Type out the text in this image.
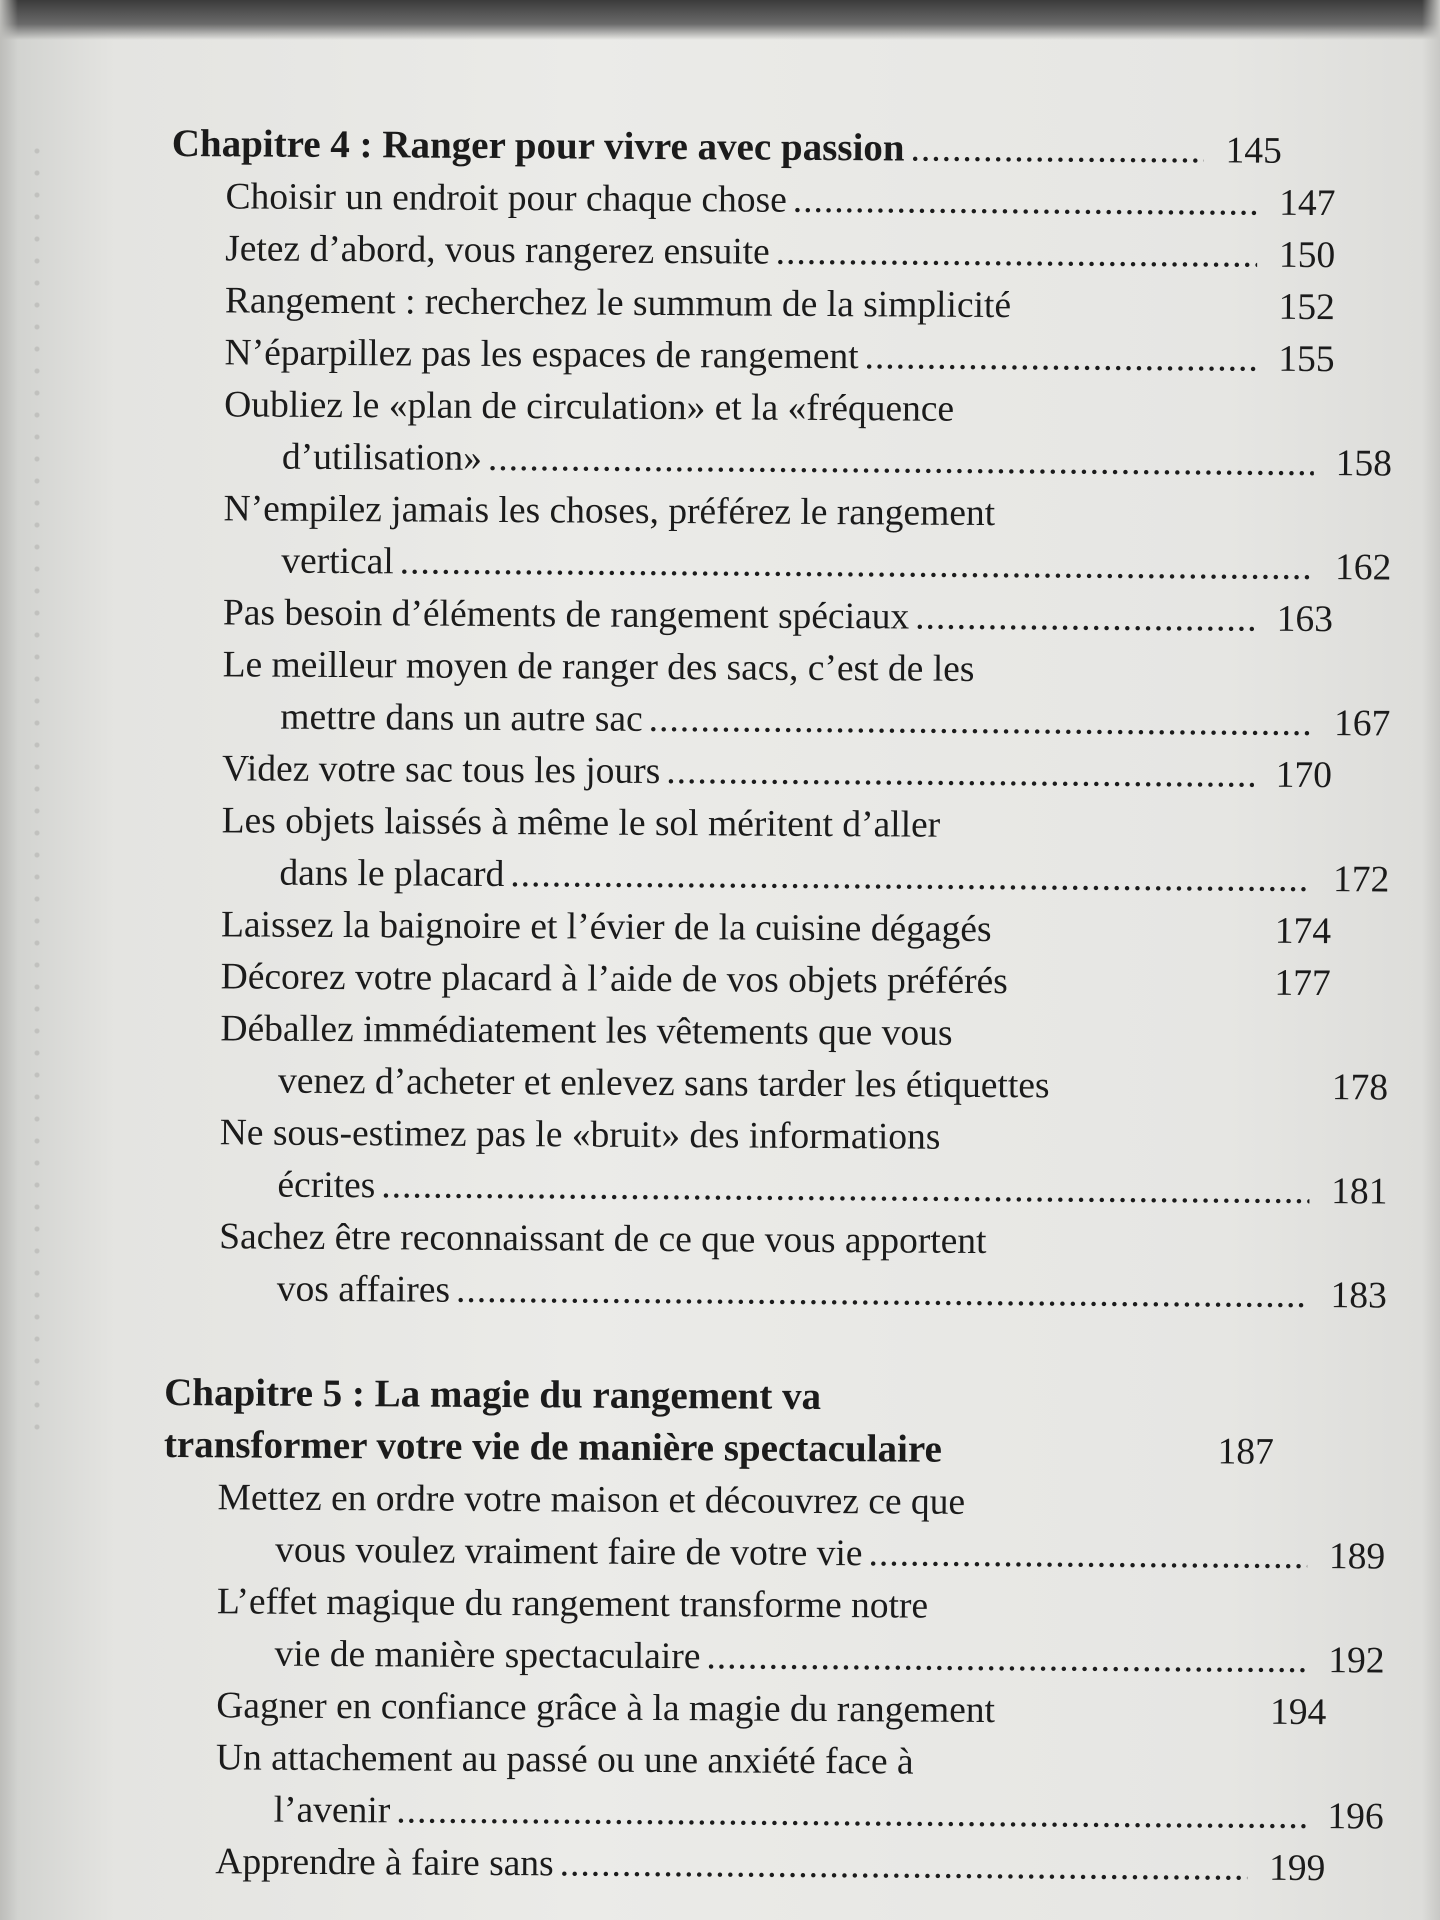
Chapitre 4 : Ranger pour vivre avec passion .....	145
Choisir un endroit pour chaque chose .....	147
Jetez d’abord, vous rangerez ensuite .....	150
Rangement : recherchez le summum de la simplicité	152
N’éparpillez pas les espaces de rangement .....	155
Oubliez le «plan de circulation» et la «fréquence
d’utilisation» .....	158
N’empilez jamais les choses, préférez le rangement
vertical .....	162
Pas besoin d’éléments de rangement spéciaux .....	163
Le meilleur moyen de ranger des sacs, c’est de les
mettre dans un autre sac .....	167
Videz votre sac tous les jours .....	170
Les objets laissés à même le sol méritent d’aller
dans le placard .....	172
Laissez la baignoire et l’évier de la cuisine dégagés	174
Décorez votre placard à l’aide de vos objets préférés	177
Déballez immédiatement les vêtements que vous
venez d’acheter et enlevez sans tarder les étiquettes	178
Ne sous-estimez pas le «bruit» des informations
écrites .....	181
Sachez être reconnaissant de ce que vous apportent
vos affaires .....	183
Chapitre 5 : La magie du rangement va
transformer votre vie de manière spectaculaire	187
Mettez en ordre votre maison et découvrez ce que
vous voulez vraiment faire de votre vie .....	189
L’effet magique du rangement transforme notre
vie de manière spectaculaire .....	192
Gagner en confiance grâce à la magie du rangement	194
Un attachement au passé ou une anxiété face à
l’avenir .....	196
Apprendre à faire sans .....	199
